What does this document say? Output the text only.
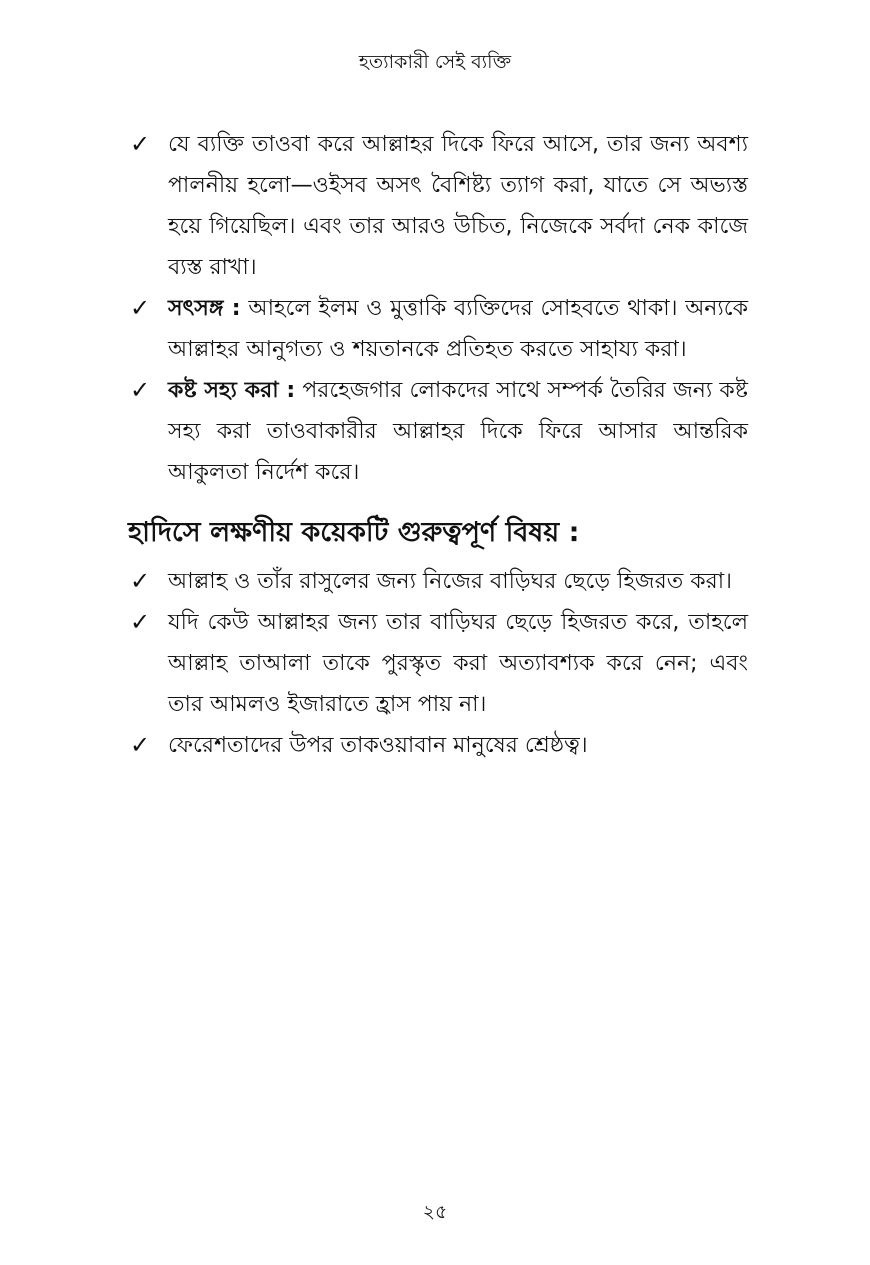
হত্যাকারী সেই ব্যক্তি
✓ যে ব্যক্তি তাওবা করে আল্লাহর দিকে ফিরে আসে, তার জন্য অবশ্য পালনীয় হলো—ওইসব অসৎ বৈশিষ্ট্য ত্যাগ করা, যাতে সে অভ্যস্ত হয়ে গিয়েছিল। এবং তার আরও উচিত, নিজেকে সর্বদা নেক কাজে ব্যস্ত রাখা।
✓ সৎসঙ্গ : আহলে ইলম ও মুত্তাকি ব্যক্তিদের সোহবতে থাকা। অন্যকে আল্লাহর আনুগত্য ও শয়তানকে প্রতিহত করতে সাহায্য করা।
✓ কষ্ট সহ্য করা : পরহেজগার লোকদের সাথে সম্পর্ক তৈরির জন্য কষ্ট সহ্য করা তাওবাকারীর আল্লাহর দিকে ফিরে আসার আন্তরিক আকুলতা নির্দেশ করে।
হাদিসে লক্ষণীয় কয়েকটি গুরুত্বপূর্ণ বিষয় :
✓ আল্লাহ ও তাঁর রাসুলের জন্য নিজের বাড়িঘর ছেড়ে হিজরত করা।
✓ যদি কেউ আল্লাহর জন্য তার বাড়িঘর ছেড়ে হিজরত করে, তাহলে আল্লাহ তাআলা তাকে পুরস্কৃত করা অত্যাবশ্যক করে নেন; এবং তার আমলও ইজারাতে হ্রাস পায় না।
✓ ফেরেশতাদের উপর তাকওয়াবান মানুষের শ্রেষ্ঠত্ব।
২৫
